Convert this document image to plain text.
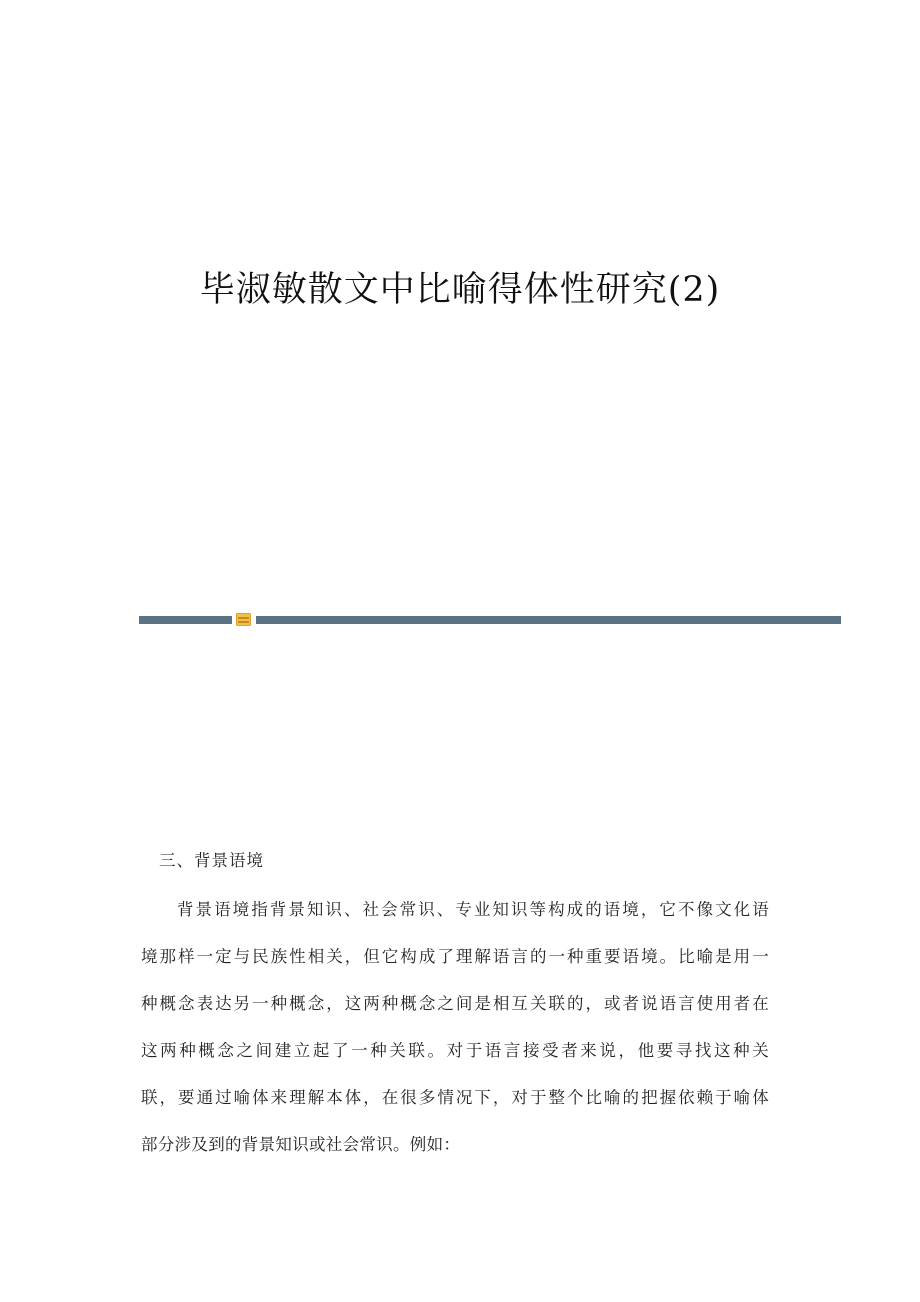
毕淑敏散文中比喻得体性研究(2)
三、背景语境

背景语境指背景知识、社会常识、专业知识等构成的语境，它不像文化语

境那样一定与民族性相关，但它构成了理解语言的一种重要语境。比喻是用一

种概念表达另一种概念，这两种概念之间是相互关联的，或者说语言使用者在

这两种概念之间建立起了一种关联。对于语言接受者来说，他要寻找这种关

联，要通过喻体来理解本体，在很多情况下，对于整个比喻的把握依赖于喻体

部分涉及到的背景知识或社会常识。例如：
